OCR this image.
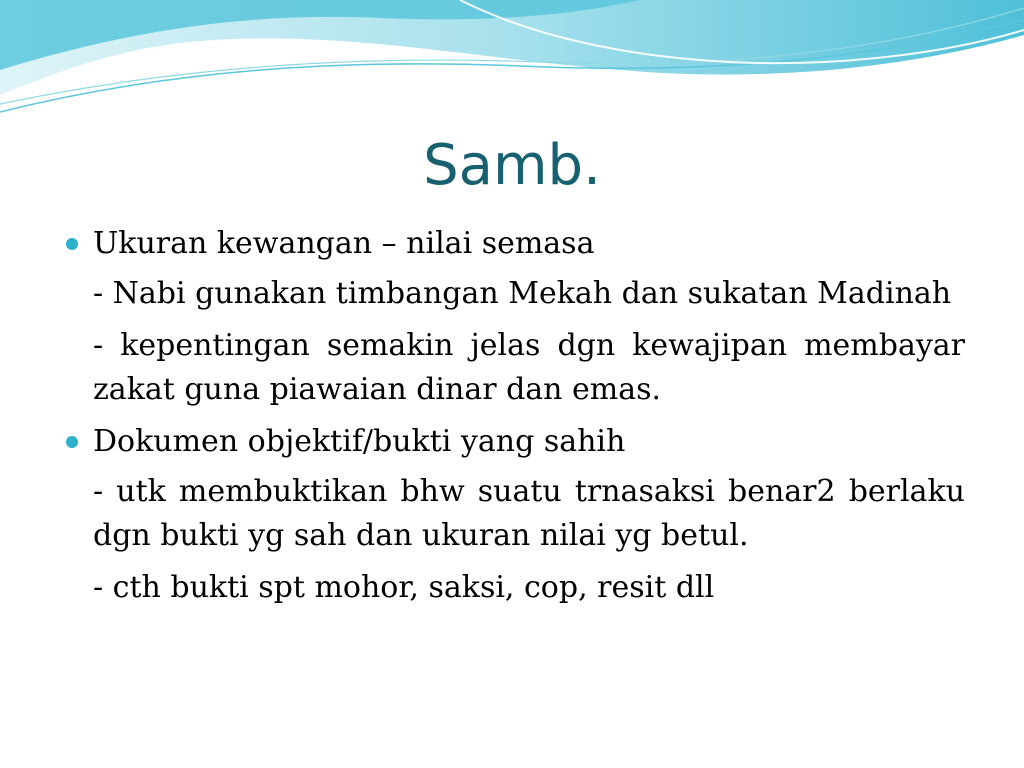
Samb.
Ukuran kewangan – nilai semasa

- Nabi gunakan timbangan Mekah dan sukatan Madinah

- kepentingan semakin jelas dgn kewajipan membayar zakat guna piawaian dinar dan emas.

Dokumen objektif/bukti yang sahih

- utk membuktikan bhw suatu trnasaksi benar2 berlaku dgn bukti yg sah dan ukuran nilai yg betul.

- cth bukti spt mohor, saksi, cop, resit dll
